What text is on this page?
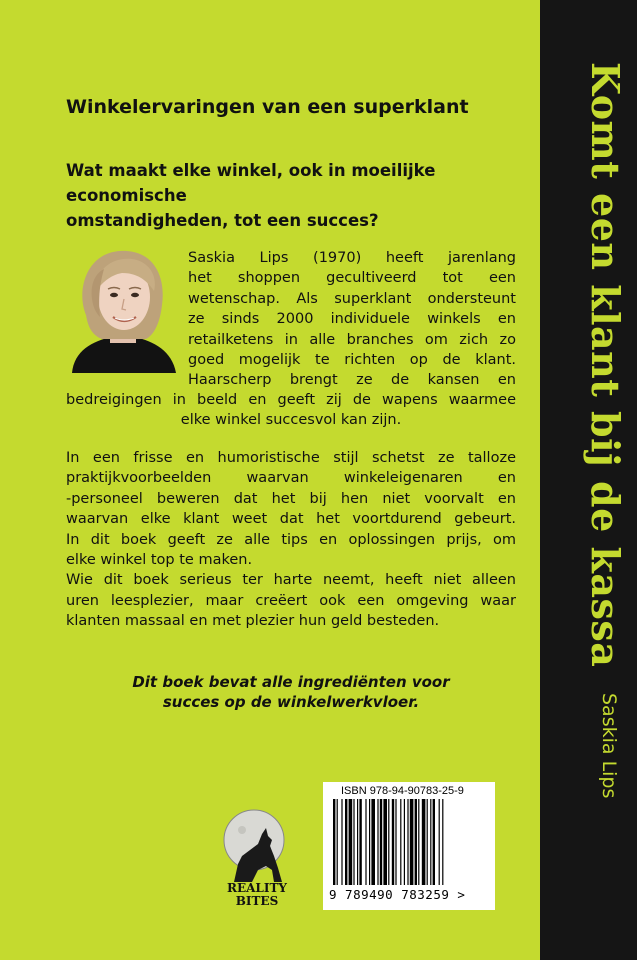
Winkelervaringen van een superklant
Wat maakt elke winkel, ook in moeilijke economische
omstandigheden, tot een succes?
Saskia Lips (1970) heeft jarenlang
het shoppen gecultiveerd tot een
wetenschap. Als superklant ondersteunt
ze sinds 2000 individuele winkels en
retailketens in alle branches om zich zo
goed mogelijk te richten op de klant.
Haarscherp brengt ze de kansen en
bedreigingen in beeld en geeft zij de wapens waarmee
elke winkel succesvol kan zijn.
In een frisse en humoristische stijl schetst ze talloze
praktijkvoorbeelden waarvan winkeleigenaren en
-personeel beweren dat het bij hen niet voorvalt en
waarvan elke klant weet dat het voortdurend gebeurt.
In dit boek geeft ze alle tips en oplossingen prijs, om
elke winkel top te maken.
Wie dit boek serieus ter harte neemt, heeft niet alleen
uren leesplezier, maar creëert ook een omgeving waar
klanten massaal en met plezier hun geld besteden.
Dit boek bevat alle ingrediënten voor
succes op de winkelwerkvloer.
REALITY
BITES
ISBN 978-94-90783-25-9
9 789490 783259 >
Komt een klant bij de kassa
Saskia Lips
